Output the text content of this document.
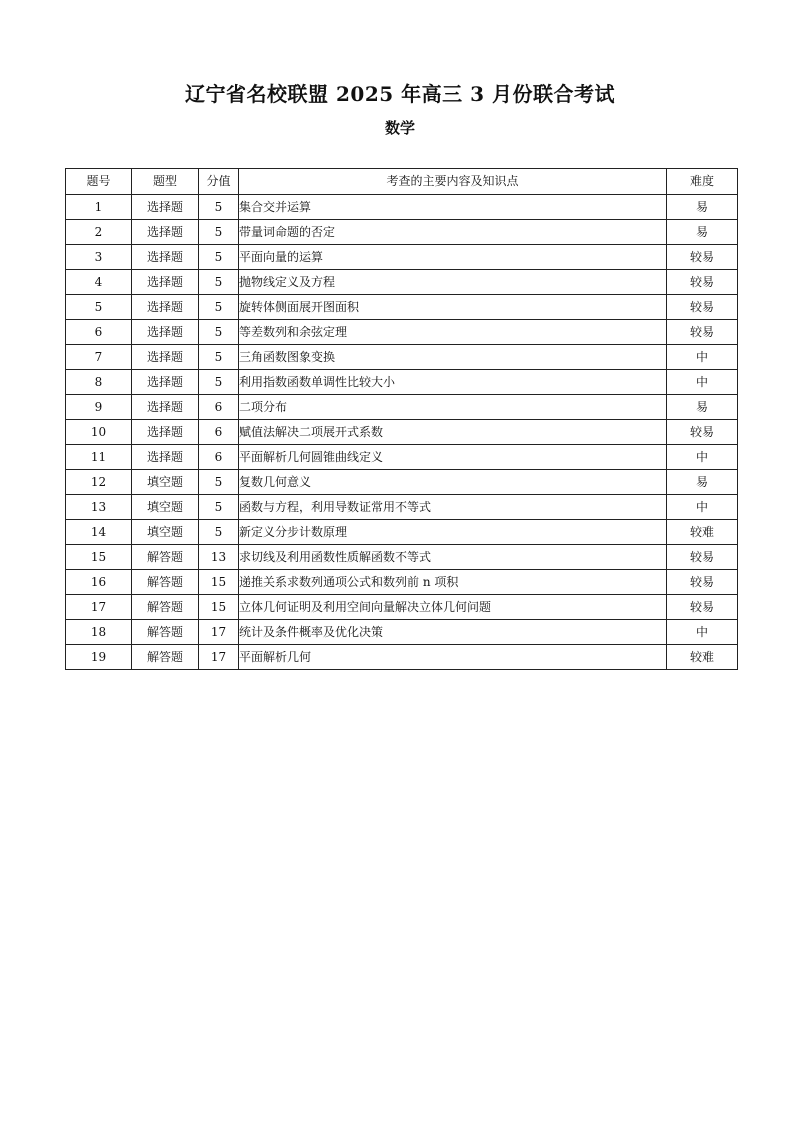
辽宁省名校联盟 2025 年高三 3 月份联合考试
数学
题号	题型	分值	考查的主要内容及知识点	难度
1	选择题	5	集合交并运算	易
2	选择题	5	带量词命题的否定	易
3	选择题	5	平面向量的运算	较易
4	选择题	5	抛物线定义及方程	较易
5	选择题	5	旋转体侧面展开图面积	较易
6	选择题	5	等差数列和余弦定理	较易
7	选择题	5	三角函数图象变换	中
8	选择题	5	利用指数函数单调性比较大小	中
9	选择题	6	二项分布	易
10	选择题	6	赋值法解决二项展开式系数	较易
11	选择题	6	平面解析几何圆锥曲线定义	中
12	填空题	5	复数几何意义	易
13	填空题	5	函数与方程，利用导数证常用不等式	中
14	填空题	5	新定义分步计数原理	较难
15	解答题	13	求切线及利用函数性质解函数不等式	较易
16	解答题	15	递推关系求数列通项公式和数列前 n 项积	较易
17	解答题	15	立体几何证明及利用空间向量解决立体几何问题	较易
18	解答题	17	统计及条件概率及优化决策	中
19	解答题	17	平面解析几何	较难
